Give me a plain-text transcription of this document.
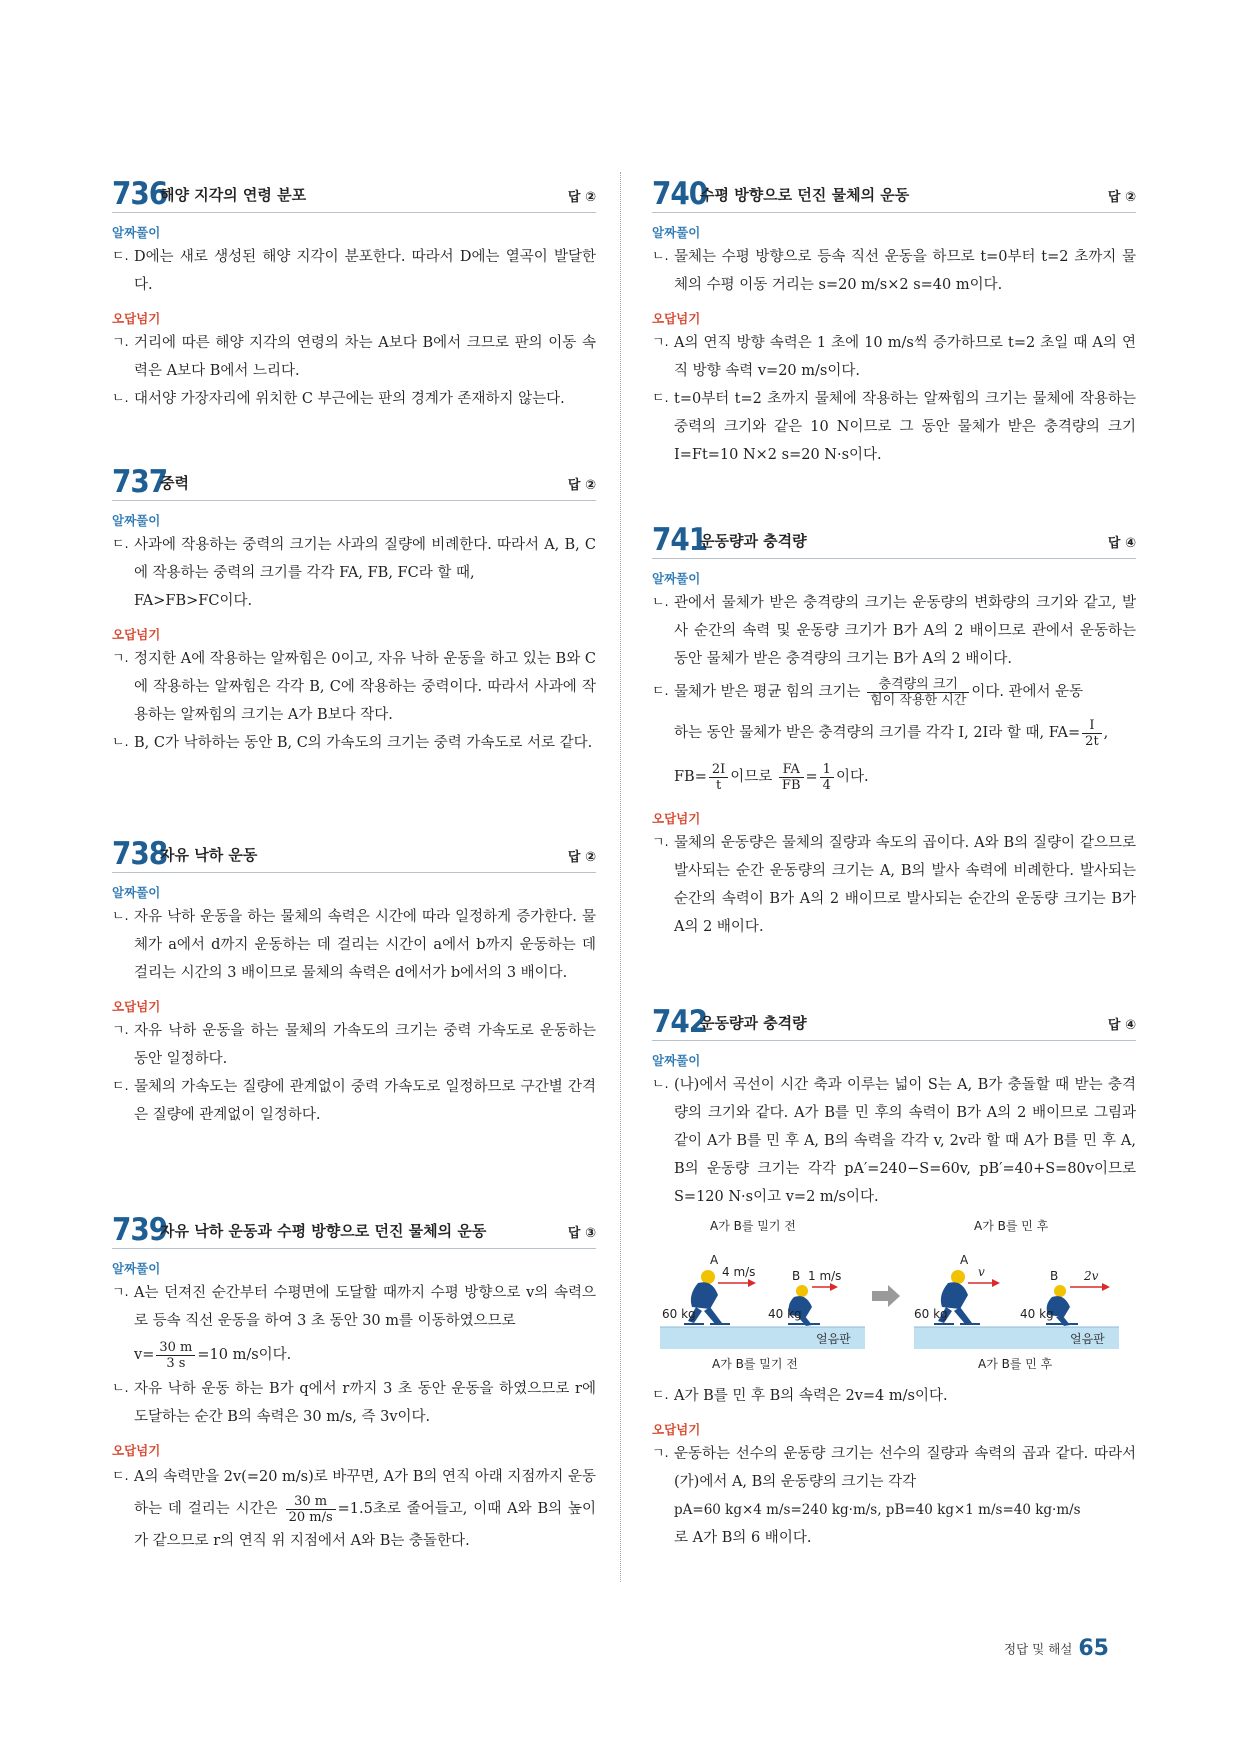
736
해양 지각의 연령 분포	답 ②
알짜풀이
ㄷ. D에는 새로 생성된 해양 지각이 분포한다. 따라서 D에는 열곡이 발달한다.
오답넘기
ㄱ. 거리에 따른 해양 지각의 연령의 차는 A보다 B에서 크므로 판의 이동 속력은 A보다 B에서 느리다.
ㄴ. 대서양 가장자리에 위치한 C 부근에는 판의 경계가 존재하지 않는다.
737
중력	답 ②
알짜풀이
ㄷ. 사과에 작용하는 중력의 크기는 사과의 질량에 비례한다. 따라서 A, B, C에 작용하는 중력의 크기를 각각 FA, FB, FC라 할 때,
FA>FB>FC이다.
오답넘기
ㄱ. 정지한 A에 작용하는 알짜힘은 0이고, 자유 낙하 운동을 하고 있는 B와 C에 작용하는 알짜힘은 각각 B, C에 작용하는 중력이다. 따라서 사과에 작용하는 알짜힘의 크기는 A가 B보다 작다.
ㄴ. B, C가 낙하하는 동안 B, C의 가속도의 크기는 중력 가속도로 서로 같다.
738
자유 낙하 운동	답 ②
알짜풀이
ㄴ. 자유 낙하 운동을 하는 물체의 속력은 시간에 따라 일정하게 증가한다. 물체가 a에서 d까지 운동하는 데 걸리는 시간이 a에서 b까지 운동하는 데 걸리는 시간의 3 배이므로 물체의 속력은 d에서가 b에서의 3 배이다.
오답넘기
ㄱ. 자유 낙하 운동을 하는 물체의 가속도의 크기는 중력 가속도로 운동하는 동안 일정하다.
ㄷ. 물체의 가속도는 질량에 관계없이 중력 가속도로 일정하므로 구간별 간격은 질량에 관계없이 일정하다.
739
자유 낙하 운동과 수평 방향으로 던진 물체의 운동	답 ③
알짜풀이
ㄱ. A는 던져진 순간부터 수평면에 도달할 때까지 수평 방향으로 v의 속력으로 등속 직선 운동을 하여 3 초 동안 30 m를 이동하였으므로
$v= \frac{30 m}{3 s} =10$ m/s이다.
ㄴ. 자유 낙하 운동 하는 B가 q에서 r까지 3 초 동안 운동을 하였으므로 r에 도달하는 순간 B의 속력은 30 m/s, 즉 3v이다.
오답넘기
ㄷ. A의 속력만을 2v(=20 m/s)로 바꾸면, A가 B의 연직 아래 지점까지 운동하는 데 걸리는 시간은 $\frac{30 m}{20 m/s} =1.5$초로 줄어들고, 이때 A와 B의 높이가 같으므로 r의 연직 위 지점에서 A와 B는 충돌한다.
740
수평 방향으로 던진 물체의 운동	답 ②
알짜풀이
ㄴ. 물체는 수평 방향으로 등속 직선 운동을 하므로 t=0부터 t=2 초까지 물체의 수평 이동 거리는 s=20 m/s×2 s=40 m이다.
오답넘기
ㄱ. A의 연직 방향 속력은 1 초에 10 m/s씩 증가하므로 t=2 초일 때 A의 연직 방향 속력 v=20 m/s이다.
ㄷ. t=0부터 t=2 초까지 물체에 작용하는 알짜힘의 크기는 물체에 작용하는 중력의 크기와 같은 10 N이므로 그 동안 물체가 받은 충격량의 크기 I=Ft=10 N×2 s=20 N·s이다.
741
운동량과 충격량	답 ④
알짜풀이
ㄴ. 관에서 물체가 받은 충격량의 크기는 운동량의 변화량의 크기와 같고, 발사 순간의 속력 및 운동량 크기가 B가 A의 2 배이므로 관에서 운동하는 동안 물체가 받은 충격량의 크기는 B가 A의 2 배이다.
ㄷ. 물체가 받은 평균 힘의 크기는 $\frac{\text{충격량의 크기}}{\text{힘이 작용한 시간}}$ 이다. 관에서 운동
하는 동안 물체가 받은 충격량의 크기를 각각 I, 2I라 할 때, $FA= \frac{I}{2t}$ ,
$FB= \frac{2I}{t}$ 이므로 $\frac{FA}{FB} = \frac{1}{4}$ 이다.
오답넘기
ㄱ. 물체의 운동량은 물체의 질량과 속도의 곱이다. A와 B의 질량이 같으므로 발사되는 순간 운동량의 크기는 A, B의 발사 속력에 비례한다. 발사되는 순간의 속력이 B가 A의 2 배이므로 발사되는 순간의 운동량 크기는 B가 A의 2 배이다.
742
운동량과 충격량	답 ④
알짜풀이
ㄴ. (나)에서 곡선이 시간 축과 이루는 넓이 S는 A, B가 충돌할 때 받는 충격량의 크기와 같다. A가 B를 민 후의 속력이 B가 A의 2 배이므로 그림과 같이 A가 B를 민 후 A, B의 속력을 각각 v, 2v라 할 때 A가 B를 민 후 A, B의 운동량 크기는 각각 pA′=240−S=60v, pB′=40+S=80v이므로 S=120 N·s이고 v=2 m/s이다.
A가 B를 밀기 전	A가 B를 민 후
A
4 m/s	B 1 m/s
60 kg	40 kg
얼음판
A
v	B 2v
60 kg	40 kg
얼음판
A가 B를 밀기 전	A가 B를 민 후
ㄷ. A가 B를 민 후 B의 속력은 2v=4 m/s이다.
오답넘기
ㄱ. 운동하는 선수의 운동량 크기는 선수의 질량과 속력의 곱과 같다. 따라서 (가)에서 A, B의 운동량의 크기는 각각
pA=60 kg×4 m/s=240 kg·m/s, pB=40 kg×1 m/s=40 kg·m/s
로 A가 B의 6 배이다.
정답 및 해설 65
